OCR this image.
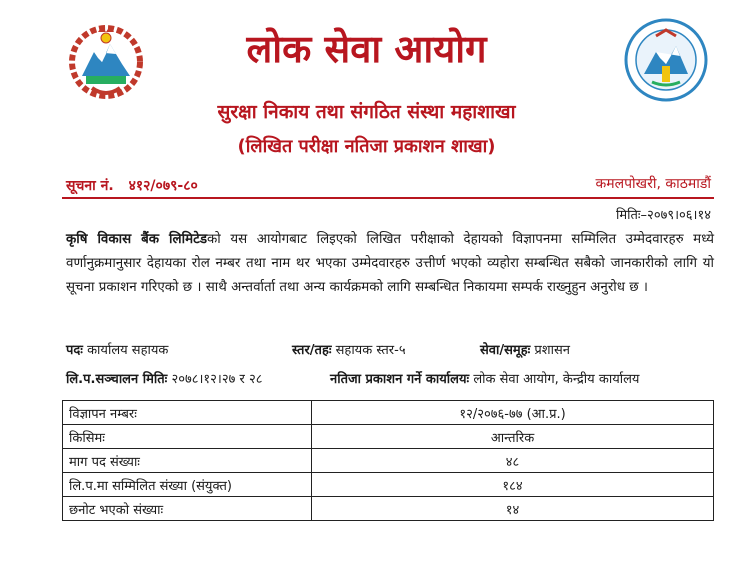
लोक सेवा आयोग
सुरक्षा निकाय तथा संगठित संस्था महाशाखा
(लिखित परीक्षा नतिजा प्रकाशन शाखा)
सूचना नं. ४१२/०७९-८०	कमलपोखरी, काठमाडौं
मितिः–२०७९।०६।१४
कृषि विकास बैंक लिमिटेडको यस आयोगबाट लिइएको लिखित परीक्षाको देहायको विज्ञापनमा सम्मिलित उम्मेदवारहरु मध्ये वर्णानुक्रमानुसार देहायका रोल नम्बर तथा नाम थर भएका उम्मेदवारहरु उत्तीर्ण भएको व्यहोरा सम्बन्धित सबैको जानकारीको लागि यो सूचना प्रकाशन गरिएको छ । साथै अन्तर्वार्ता तथा अन्य कार्यक्रमको लागि सम्बन्धित निकायमा सम्पर्क राख्नुहुन अनुरोध छ ।
पदः कार्यालय सहायक	स्तर/तहः सहायक स्तर-५	सेवा/समूहः प्रशासन
लि.प.सञ्चालन मितिः २०७८।१२।२७ र २८	नतिजा प्रकाशन गर्ने कार्यालयः लोक सेवा आयोग, केन्द्रीय कार्यालय
विज्ञापन नम्बरः	१२/२०७६-७७ (आ.प्र.)
किसिमः	आन्तरिक
माग पद संख्याः	४८
लि.प.मा सम्मिलित संख्या (संयुक्त)	१८४
छनोट भएको संख्याः	१४
